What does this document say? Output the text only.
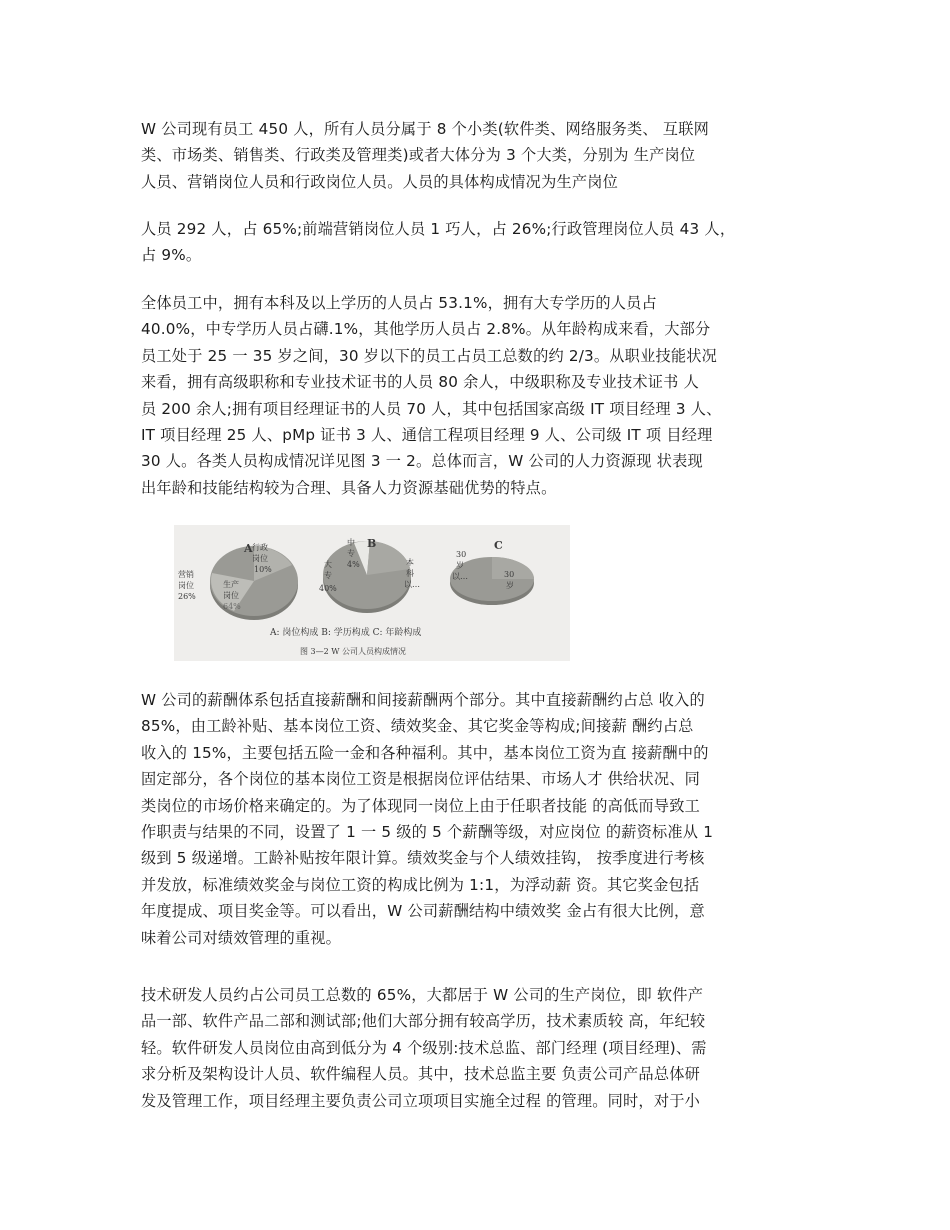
W 公司现有员工 450 人，所有人员分属于 8 个小类(软件类、网络服务类、 互联网
类、市场类、销售类、行政类及管理类)或者大体分为 3 个大类，分别为 生产岗位
人员、营销岗位人员和行政岗位人员。人员的具体构成情况为生产岗位

人员 292 人，占 65%;前端营销岗位人员 1 巧人，占 26%;行政管理岗位人员 43 人，
占 9%。

全体员工中，拥有本科及以上学历的人员占 53.1%，拥有大专学历的人员占
40.0%，中专学历人员占礴.1%，其他学历人员占 2.8%。从年龄构成来看，大部分
员工处于 25 一 35 岁之间，30 岁以下的员工占员工总数的约 2/3。从职业技能状况
来看，拥有高级职称和专业技术证书的人员 80 余人，中级职称及专业技术证书 人
员 200 余人;拥有项目经理证书的人员 70 人，其中包括国家高级 IT 项目经理 3 人、
IT 项目经理 25 人、pMp 证书 3 人、通信工程项目经理 9 人、公司级 IT 项 目经理
30 人。各类人员构成情况详见图 3 一 2。总体而言，W 公司的人力资源现 状表现
出年龄和技能结构较为合理、具备人力资源基础优势的特点。

A
营销
岗位
26%
行政
岗位
10%
生产
岗位
64%
B
中
专
4%
大
专
40%
本
科
以…
C
30
岁
以…	30
岁
A: 岗位构成 B: 学历构成 C: 年龄构成
图 3—2 W 公司人员构成情况

W 公司的薪酬体系包括直接薪酬和间接薪酬两个部分。其中直接薪酬约占总 收入的
85%，由工龄补贴、基本岗位工资、绩效奖金、其它奖金等构成;间接薪 酬约占总
收入的 15%，主要包括五险一金和各种福利。其中，基本岗位工资为直 接薪酬中的
固定部分，各个岗位的基本岗位工资是根据岗位评估结果、市场人才 供给状况、同
类岗位的市场价格来确定的。为了体现同一岗位上由于任职者技能 的高低而导致工
作职责与结果的不同，设置了 1 一 5 级的 5 个薪酬等级，对应岗位 的薪资标准从 1
级到 5 级递增。工龄补贴按年限计算。绩效奖金与个人绩效挂钩， 按季度进行考核
并发放，标准绩效奖金与岗位工资的构成比例为 1:1，为浮动薪 资。其它奖金包括
年度提成、项目奖金等。可以看出，W 公司薪酬结构中绩效奖 金占有很大比例，意
味着公司对绩效管理的重视。

技术研发人员约占公司员工总数的 65%，大都居于 W 公司的生产岗位，即 软件产
品一部、软件产品二部和测试部;他们大部分拥有较高学历，技术素质较 高，年纪较
轻。软件研发人员岗位由高到低分为 4 个级别:技术总监、部门经理 (项目经理)、需
求分析及架构设计人员、软件编程人员。其中，技术总监主要 负责公司产品总体研
发及管理工作，项目经理主要负责公司立项项目实施全过程 的管理。同时，对于小
